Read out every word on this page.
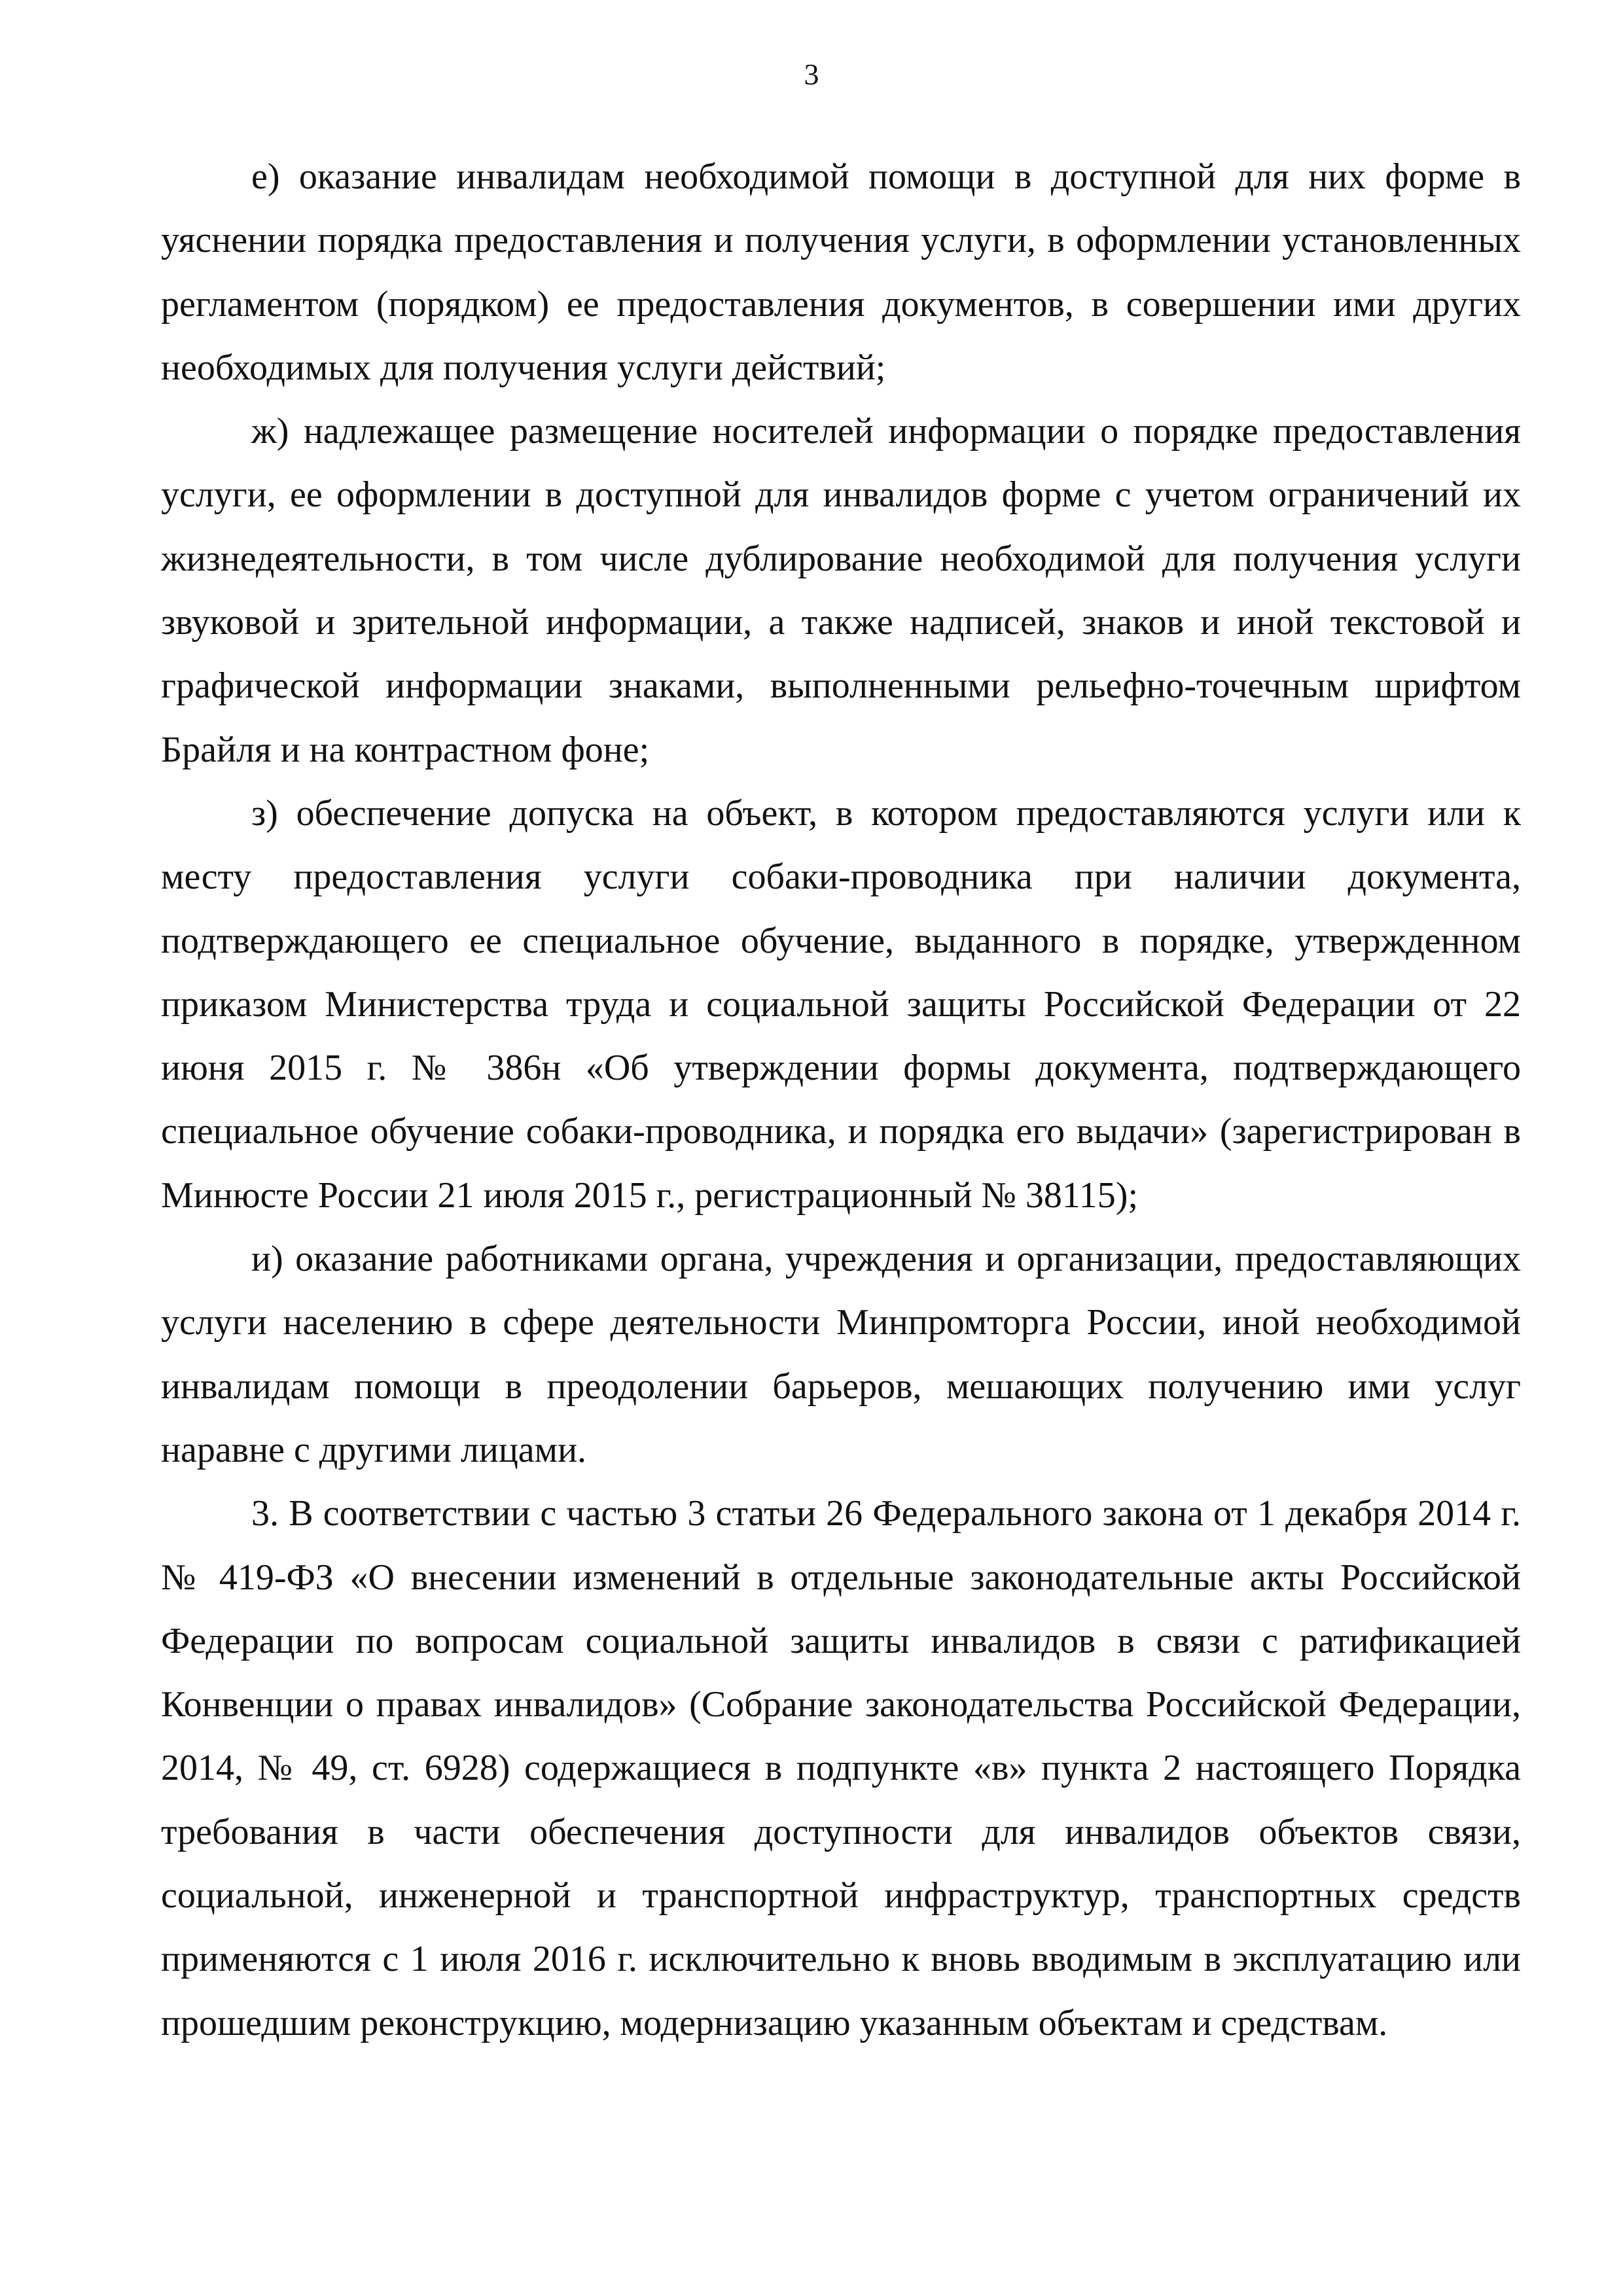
3

е) оказание инвалидам необходимой помощи в доступной для них форме в уяснении порядка предоставления и получения услуги, в оформлении установленных регламентом (порядком) ее предоставления документов, в совершении ими других необходимых для получения услуги действий;

ж) надлежащее размещение носителей информации о порядке предоставления услуги, ее оформлении в доступной для инвалидов форме с учетом ограничений их жизнедеятельности, в том числе дублирование необходимой для получения услуги звуковой и зрительной информации, а также надписей, знаков и иной текстовой и графической информации знаками, выполненными рельефно-точечным шрифтом Брайля и на контрастном фоне;

з) обеспечение допуска на объект, в котором предоставляются услуги или к месту предоставления услуги собаки-проводника при наличии документа, подтверждающего ее специальное обучение, выданного в порядке, утвержденном приказом Министерства труда и социальной защиты Российской Федерации от 22 июня 2015 г. № 386н «Об утверждении формы документа, подтверждающего специальное обучение собаки-проводника, и порядка его выдачи» (зарегистрирован в Минюсте России 21 июля 2015 г., регистрационный № 38115);

и) оказание работниками органа, учреждения и организации, предоставляющих услуги населению в сфере деятельности Минпромторга России, иной необходимой инвалидам помощи в преодолении барьеров, мешающих получению ими услуг наравне с другими лицами.

3. В соответствии с частью 3 статьи 26 Федерального закона от 1 декабря 2014 г. № 419-ФЗ «О внесении изменений в отдельные законодательные акты Российской Федерации по вопросам социальной защиты инвалидов в связи с ратификацией Конвенции о правах инвалидов» (Собрание законодательства Российской Федерации, 2014, № 49, ст. 6928) содержащиеся в подпункте «в» пункта 2 настоящего Порядка требования в части обеспечения доступности для инвалидов объектов связи, социальной, инженерной и транспортной инфраструктур, транспортных средств применяются с 1 июля 2016 г. исключительно к вновь вводимым в эксплуатацию или прошедшим реконструкцию, модернизацию указанным объектам и средствам.
